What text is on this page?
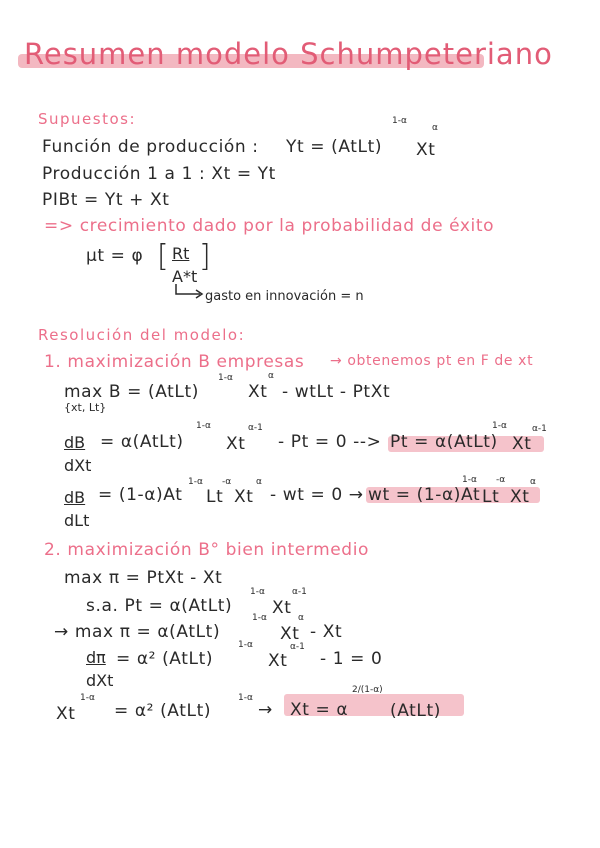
Resumen modelo Schumpeteriano
Supuestos:
Función de producción : Yt = (AtLt)
1-α
Xt
α
Producción 1 a 1 : Xt = Yt
PIBt = Yt + Xt
=> crecimiento dado por la probabilidad de éxito
μt = φ [ $\frac{Rt}{A*t}$ ]
gasto en innovación = n
Resolución del modelo:
1. maximización B empresas → obtenemos pt en F de xt
max B = (AtLt)
1-α
Xt
α
- wtLt - PtXt
{xt, Lt}
dB
dXt
= α(AtLt)
1-α
Xt
α-1
- Pt = 0 --> Pt = α(AtLt)
1-α
Xt
α-1
dB
dLt
= (1-α)At
1-α
Lt
-α
Xt
α
- wt = 0 → wt = (1-α)At
1-α
Lt
-α
Xt
α
2. maximización B° bien intermedio
max π = PtXt - Xt
s.a. Pt = α(AtLt)
1-α
Xt
α-1
→ max π = α(AtLt)
1-α
Xt
α
- Xt
dπ
dXt
= α² (AtLt)
1-α
Xt
α-1
- 1 = 0
Xt
1-α
= α² (AtLt)
1-α
→ Xt = α
2/(1-α)
(AtLt)
